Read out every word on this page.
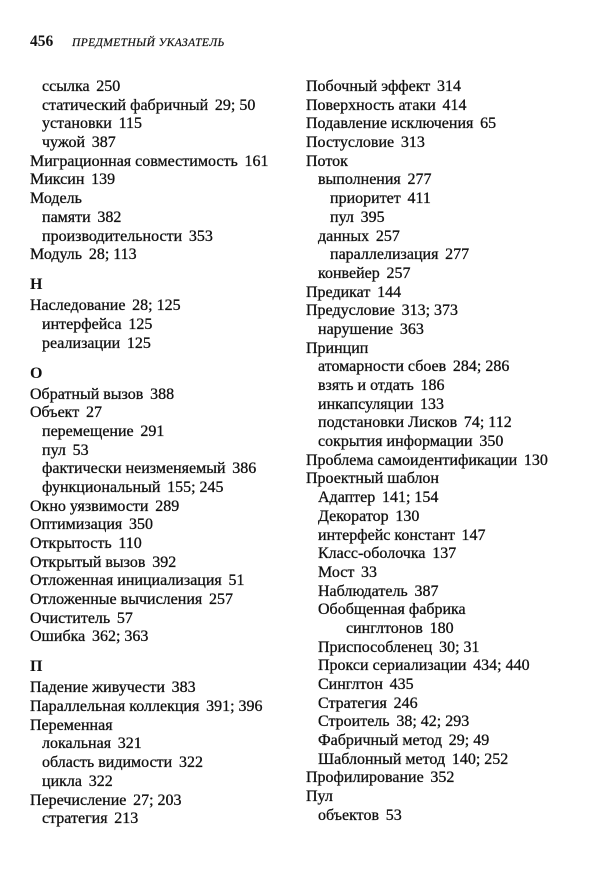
456 ПРЕДМЕТНЫЙ УКАЗАТЕЛЬ
ссылка 250
статический фабричный 29; 50
установки 115
чужой 387
Миграционная совместимость 161
Миксин 139
Модель
памяти 382
производительности 353
Модуль 28; 113
Н
Наследование 28; 125
интерфейса 125
реализации 125
О
Обратный вызов 388
Объект 27
перемещение 291
пул 53
фактически неизменяемый 386
функциональный 155; 245
Окно уязвимости 289
Оптимизация 350
Открытость 110
Открытый вызов 392
Отложенная инициализация 51
Отложенные вычисления 257
Очиститель 57
Ошибка 362; 363
П
Падение живучести 383
Параллельная коллекция 391; 396
Переменная
локальная 321
область видимости 322
цикла 322
Перечисление 27; 203
стратегия 213
Побочный эффект 314
Поверхность атаки 414
Подавление исключения 65
Постусловие 313
Поток
выполнения 277
приоритет 411
пул 395
данных 257
параллелизация 277
конвейер 257
Предикат 144
Предусловие 313; 373
нарушение 363
Принцип
атомарности сбоев 284; 286
взять и отдать 186
инкапсуляции 133
подстановки Лисков 74; 112
сокрытия информации 350
Проблема самоидентификации 130
Проектный шаблон
Адаптер 141; 154
Декоратор 130
интерфейс констант 147
Класс-оболочка 137
Мост 33
Наблюдатель 387
Обобщенная фабрика
синглтонов 180
Приспособленец 30; 31
Прокси сериализации 434; 440
Синглтон 435
Стратегия 246
Строитель 38; 42; 293
Фабричный метод 29; 49
Шаблонный метод 140; 252
Профилирование 352
Пул
объектов 53
